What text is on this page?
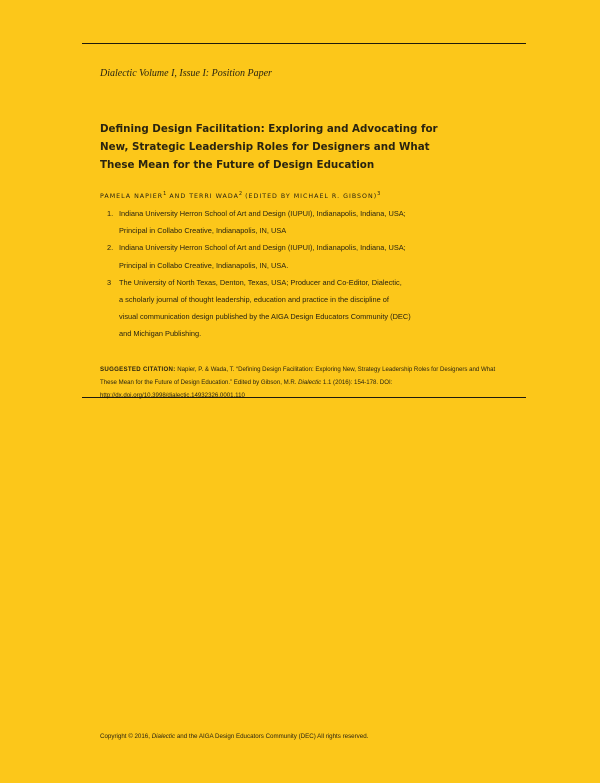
Dialectic Volume I, Issue I: Position Paper
Defining Design Facilitation: Exploring and Advocating for
New, Strategic Leadership Roles for Designers and What
These Mean for the Future of Design Education
PAMELA NAPIER$^1$ AND TERRI WADA$^2$ (EDITED BY MICHAEL R. GIBSON)$^3$
1. Indiana University Herron School of Art and Design (IUPUI), Indianapolis, Indiana, USA;
Principal in Collabo Creative, Indianapolis, IN, USA
2. Indiana University Herron School of Art and Design (IUPUI), Indianapolis, Indiana, USA;
Principal in Collabo Creative, Indianapolis, IN, USA.
3 The University of North Texas, Denton, Texas, USA; Producer and Co-Editor, Dialectic,
a scholarly journal of thought leadership, education and practice in the discipline of
visual communication design published by the AIGA Design Educators Community (DEC)
and Michigan Publishing.

SUGGESTED CITATION: Napier, P. & Wada, T. “Defining Design Facilitation: Exploring New, Strategy Leadership Roles for Designers and What These Mean for the Future of Design Education.” Edited by Gibson, M.R. Dialectic 1.1 (2016): 154-178. DOI: http://dx.doi.org/10.3998/dialectic.14932326.0001.110

Copyright © 2016, Dialectic and the AIGA Design Educators Community (DEC) All rights reserved.
